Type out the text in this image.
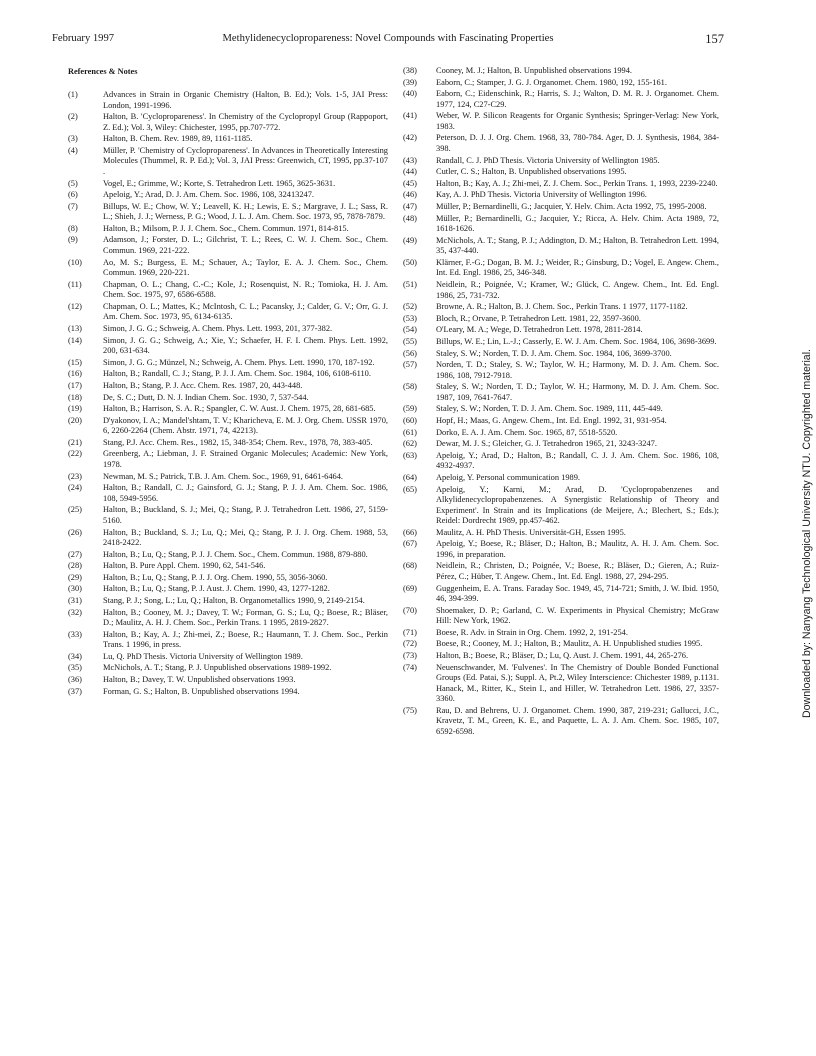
February 1997	Methylidenecyclopropareness: Novel Compounds with Fascinating Properties	157
References & Notes
(1)	Advances in Strain in Organic Chemistry (Halton, B. Ed.); Vols. 1-5, JAI Press: London, 1991-1996.
(2)	Halton, B. 'Cyclopropareness'. In Chemistry of the Cyclopropyl Group (Rappoport, Z. Ed.); Vol. 3, Wiley: Chichester, 1995, pp.707-772.
(3)	Halton, B. Chem. Rev. 1989, 89, 1161-1185.
(4)	Müller, P. 'Chemistry of Cyclopropareness'. In Advances in Theoretically Interesting Molecules (Thummel, R. P. Ed.); Vol. 3, JAI Press: Greenwich, CT, 1995, pp.37-107 .
(5)	Vogel, E.; Grimme, W.; Korte, S. Tetrahedron Lett. 1965, 3625-3631.
(6)	Apeloig, Y.; Arad, D. J. Am. Chem. Soc. 1986, 108, 32413247.
(7)	Billups, W. E.; Chow, W. Y.; Leavell, K. H.; Lewis, E. S.; Margrave, J. L.; Sass, R. L.; Shieh, J. J.; Werness, P. G.; Wood, J. L. J. Am. Chem. Soc. 1973, 95, 7878-7879.
(8)	Halton, B.; Milsom, P. J. J. Chem. Soc., Chem. Commun. 1971, 814-815.
(9)	Adamson, J.; Forster, D. L.; Gilchrist, T. L.; Rees, C. W. J. Chem. Soc., Chem. Commun. 1969, 221-222.
(10)	Ao, M. S.; Burgess, E. M.; Schauer, A.; Taylor, E. A. J. Chem. Soc., Chem. Commun. 1969, 220-221.
(11)	Chapman, O. L.; Chang, C.-C.; Kole, J.; Rosenquist, N. R.; Tomioka, H. J. Am. Chem. Soc. 1975, 97, 6586-6588.
(12)	Chapman, O. L.; Mattes, K.; McIntosh, C. L.; Pacansky, J.; Calder, G. V.; Orr, G. J. Am. Chem. Soc. 1973, 95, 6134-6135.
(13)	Simon, J. G. G.; Schweig, A. Chem. Phys. Lett. 1993, 201, 377-382.
(14)	Simon, J. G. G.; Schweig, A.; Xie, Y.; Schaefer, H. F. I. Chem. Phys. Lett. 1992, 200, 631-634.
(15)	Simon, J. G. G.; Münzel, N.; Schweig, A. Chem. Phys. Lett. 1990, 170, 187-192.
(16)	Halton, B.; Randall, C. J.; Stang, P. J. J. Am. Chem. Soc. 1984, 106, 6108-6110.
(17)	Halton, B.; Stang, P. J. Acc. Chem. Res. 1987, 20, 443-448.
(18)	De, S. C.; Dutt, D. N. J. Indian Chem. Soc. 1930, 7, 537-544.
(19)	Halton, B.; Harrison, S. A. R.; Spangler, C. W. Aust. J. Chem. 1975, 28, 681-685.
(20)	D'yakonov, I. A.; Mandel'shtam, T. V.; Kharicheva, E. M. J. Org. Chem. USSR 1970, 6, 2260-2264 (Chem. Abstr. 1971, 74, 42213).
(21)	Stang, P.J. Acc. Chem. Res., 1982, 15, 348-354; Chem. Rev., 1978, 78, 383-405.
(22)	Greenberg, A.; Liebman, J. F. Strained Organic Molecules; Academic: New York, 1978.
(23)	Newman, M. S.; Patrick, T.B. J. Am. Chem. Soc., 1969, 91, 6461-6464.
(24)	Halton, B.; Randall, C. J.; Gainsford, G. J.; Stang, P. J. J. Am. Chem. Soc. 1986, 108, 5949-5956.
(25)	Halton, B.; Buckland, S. J.; Mei, Q.; Stang, P. J. Tetrahedron Lett. 1986, 27, 5159-5160.
(26)	Halton, B.; Buckland, S. J.; Lu, Q.; Mei, Q.; Stang, P. J. J. Org. Chem. 1988, 53, 2418-2422.
(27)	Halton, B.; Lu, Q.; Stang, P. J. J. Chem. Soc., Chem. Commun. 1988, 879-880.
(28)	Halton, B. Pure Appl. Chem. 1990, 62, 541-546.
(29)	Halton, B.; Lu, Q.; Stang, P. J. J. Org. Chem. 1990, 55, 3056-3060.
(30)	Halton, B.; Lu, Q.; Stang, P. J. Aust. J. Chem. 1990, 43, 1277-1282.
(31)	Stang, P. J.; Song, L.; Lu, Q.; Halton, B. Organometallics 1990, 9, 2149-2154.
(32)	Halton, B.; Cooney, M. J.; Davey, T. W.; Forman, G. S.; Lu, Q.; Boese, R.; Bläser, D.; Maulitz, A. H. J. Chem. Soc., Perkin Trans. 1 1995, 2819-2827.
(33)	Halton, B.; Kay, A. J.; Zhi-mei, Z.; Boese, R.; Haumann, T. J. Chem. Soc., Perkin Trans. 1 1996, in press.
(34)	Lu, Q. PhD Thesis. Victoria University of Wellington 1989.
(35)	McNichols, A. T.; Stang, P. J. Unpublished observations 1989-1992.
(36)	Halton, B.; Davey, T. W. Unpublished observations 1993.
(37)	Forman, G. S.; Halton, B. Unpublished observations 1994.
(38) Cooney, M. J.; Halton, B. Unpublished observations 1994.
(39) Eaborn, C.; Stamper, J. G. J. Organomet. Chem. 1980, 192, 155-161.
(40) Eaborn, C.; Eidenschink, R.; Harris, S. J.; Walton, D. M. R. J. Organomet. Chem. 1977, 124, C27-C29.
(41) Weber, W. P. Silicon Reagents for Organic Synthesis; Springer-Verlag: New York, 1983.
(42) Peterson, D. J. J. Org. Chem. 1968, 33, 780-784. Ager, D. J. Synthesis, 1984, 384-398.
(43) Randall, C. J. PhD Thesis. Victoria University of Wellington 1985.
(44) Cutler, C. S.; Halton, B. Unpublished observations 1995.
(45) Halton, B.; Kay, A. J.; Zhi-mei, Z. J. Chem. Soc., Perkin Trans. 1, 1993, 2239-2240.
(46) Kay, A. J. PhD Thesis. Victoria University of Wellington 1996.
(47) Müller, P.; Bernardinelli, G.; Jacquier, Y. Helv. Chim. Acta 1992, 75, 1995-2008.
(48) Müller, P.; Bernardinelli, G.; Jacquier, Y.; Ricca, A. Helv. Chim. Acta 1989, 72, 1618-1626.
(49) McNichols, A. T.; Stang, P. J.; Addington, D. M.; Halton, B. Tetrahedron Lett. 1994, 35, 437-440.
(50) Klärner, F.-G.; Dogan, B. M. J.; Weider, R.; Ginsburg, D.; Vogel, E. Angew. Chem., Int. Ed. Engl. 1986, 25, 346-348.
(51) Neidlein, R.; Poignée, V.; Kramer, W.; Glück, C. Angew. Chem., Int. Ed. Engl. 1986, 25, 731-732.
(52) Browne, A. R.; Halton, B. J. Chem. Soc., Perkin Trans. 1 1977, 1177-1182.
(53) Bloch, R.; Orvane, P. Tetrahedron Lett. 1981, 22, 3597-3600.
(54) O'Leary, M. A.; Wege, D. Tetrahedron Lett. 1978, 2811-2814.
(55) Billups, W. E.; Lin, L.-J.; Casserly, E. W. J. Am. Chem. Soc. 1984, 106, 3698-3699.
(56) Staley, S. W.; Norden, T. D. J. Am. Chem. Soc. 1984, 106, 3699-3700.
(57) Norden, T. D.; Staley, S. W.; Taylor, W. H.; Harmony, M. D. J. Am. Chem. Soc. 1986, 108, 7912-7918.
(58) Staley, S. W.; Norden, T. D.; Taylor, W. H.; Harmony, M. D. J. Am. Chem. Soc. 1987, 109, 7641-7647.
(59) Staley, S. W.; Norden, T. D. J. Am. Chem. Soc. 1989, 111, 445-449.
(60) Hopf, H.; Maas, G. Angew. Chem., Int. Ed. Engl. 1992, 31, 931-954.
(61) Dorko, E. A. J. Am. Chem. Soc. 1965, 87, 5518-5520.
(62) Dewar, M. J. S.; Gleicher, G. J. Tetrahedron 1965, 21, 3243-3247.
(63) Apeloig, Y.; Arad, D.; Halton, B.; Randall, C. J. J. Am. Chem. Soc. 1986, 108, 4932-4937.
(64) Apeloig, Y. Personal communication 1989.
(65) Apeloig, Y.; Karni, M.; Arad, D. 'Cyclopropabenzenes and Alkylidenecyclopropabenzenes. A Synergistic Relationship of Theory and Experiment'. In Strain and its Implications (de Meijere, A.; Blechert, S.; Eds.); Reidel: Dordrecht 1989, pp.457-462.
(66) Maulitz, A. H. PhD Thesis. Universität-GH, Essen 1995.
(67) Apeloig, Y.; Boese, R.; Bläser, D.; Halton, B.; Maulitz, A. H. J. Am. Chem. Soc. 1996, in preparation.
(68) Neidlein, R.; Christen, D.; Poignée, V.; Boese, R.; Bläser, D.; Gieren, A.; Ruiz-Pérez, C.; Hüber, T. Angew. Chem., Int. Ed. Engl. 1988, 27, 294-295.
(69) Guggenheim, E. A. Trans. Faraday Soc. 1949, 45, 714-721; Smith, J. W. Ibid. 1950, 46, 394-399.
(70) Shoemaker, D. P.; Garland, C. W. Experiments in Physical Chemistry; McGraw Hill: New York, 1962.
(71) Boese, R. Adv. in Strain in Org. Chem. 1992, 2, 191-254.
(72) Boese, R.; Cooney, M. J.; Halton, B.; Maulitz, A. H. Unpublished studies 1995.
(73) Halton, B.; Boese, R.; Bläser, D.; Lu, Q. Aust. J. Chem. 1991, 44, 265-276.
(74) Neuenschwander, M. 'Fulvenes'. In The Chemistry of Double Bonded Functional Groups (Ed. Patai, S.); Suppl. A, Pt.2, Wiley Interscience: Chichester 1989, p.1131. Hanack, M., Ritter, K., Stein I., and Hiller, W. Tetrahedron Lett. 1986, 27, 3357-3360.
(75) Rau, D. and Behrens, U. J. Organomet. Chem. 1990, 387, 219-231; Gallucci, J.C., Kravetz, T. M., Green, K. E., and Paquette, L. A. J. Am. Chem. Soc. 1985, 107, 6592-6598.
Downloaded by: Nanyang Technological University NTU. Copyrighted material.
